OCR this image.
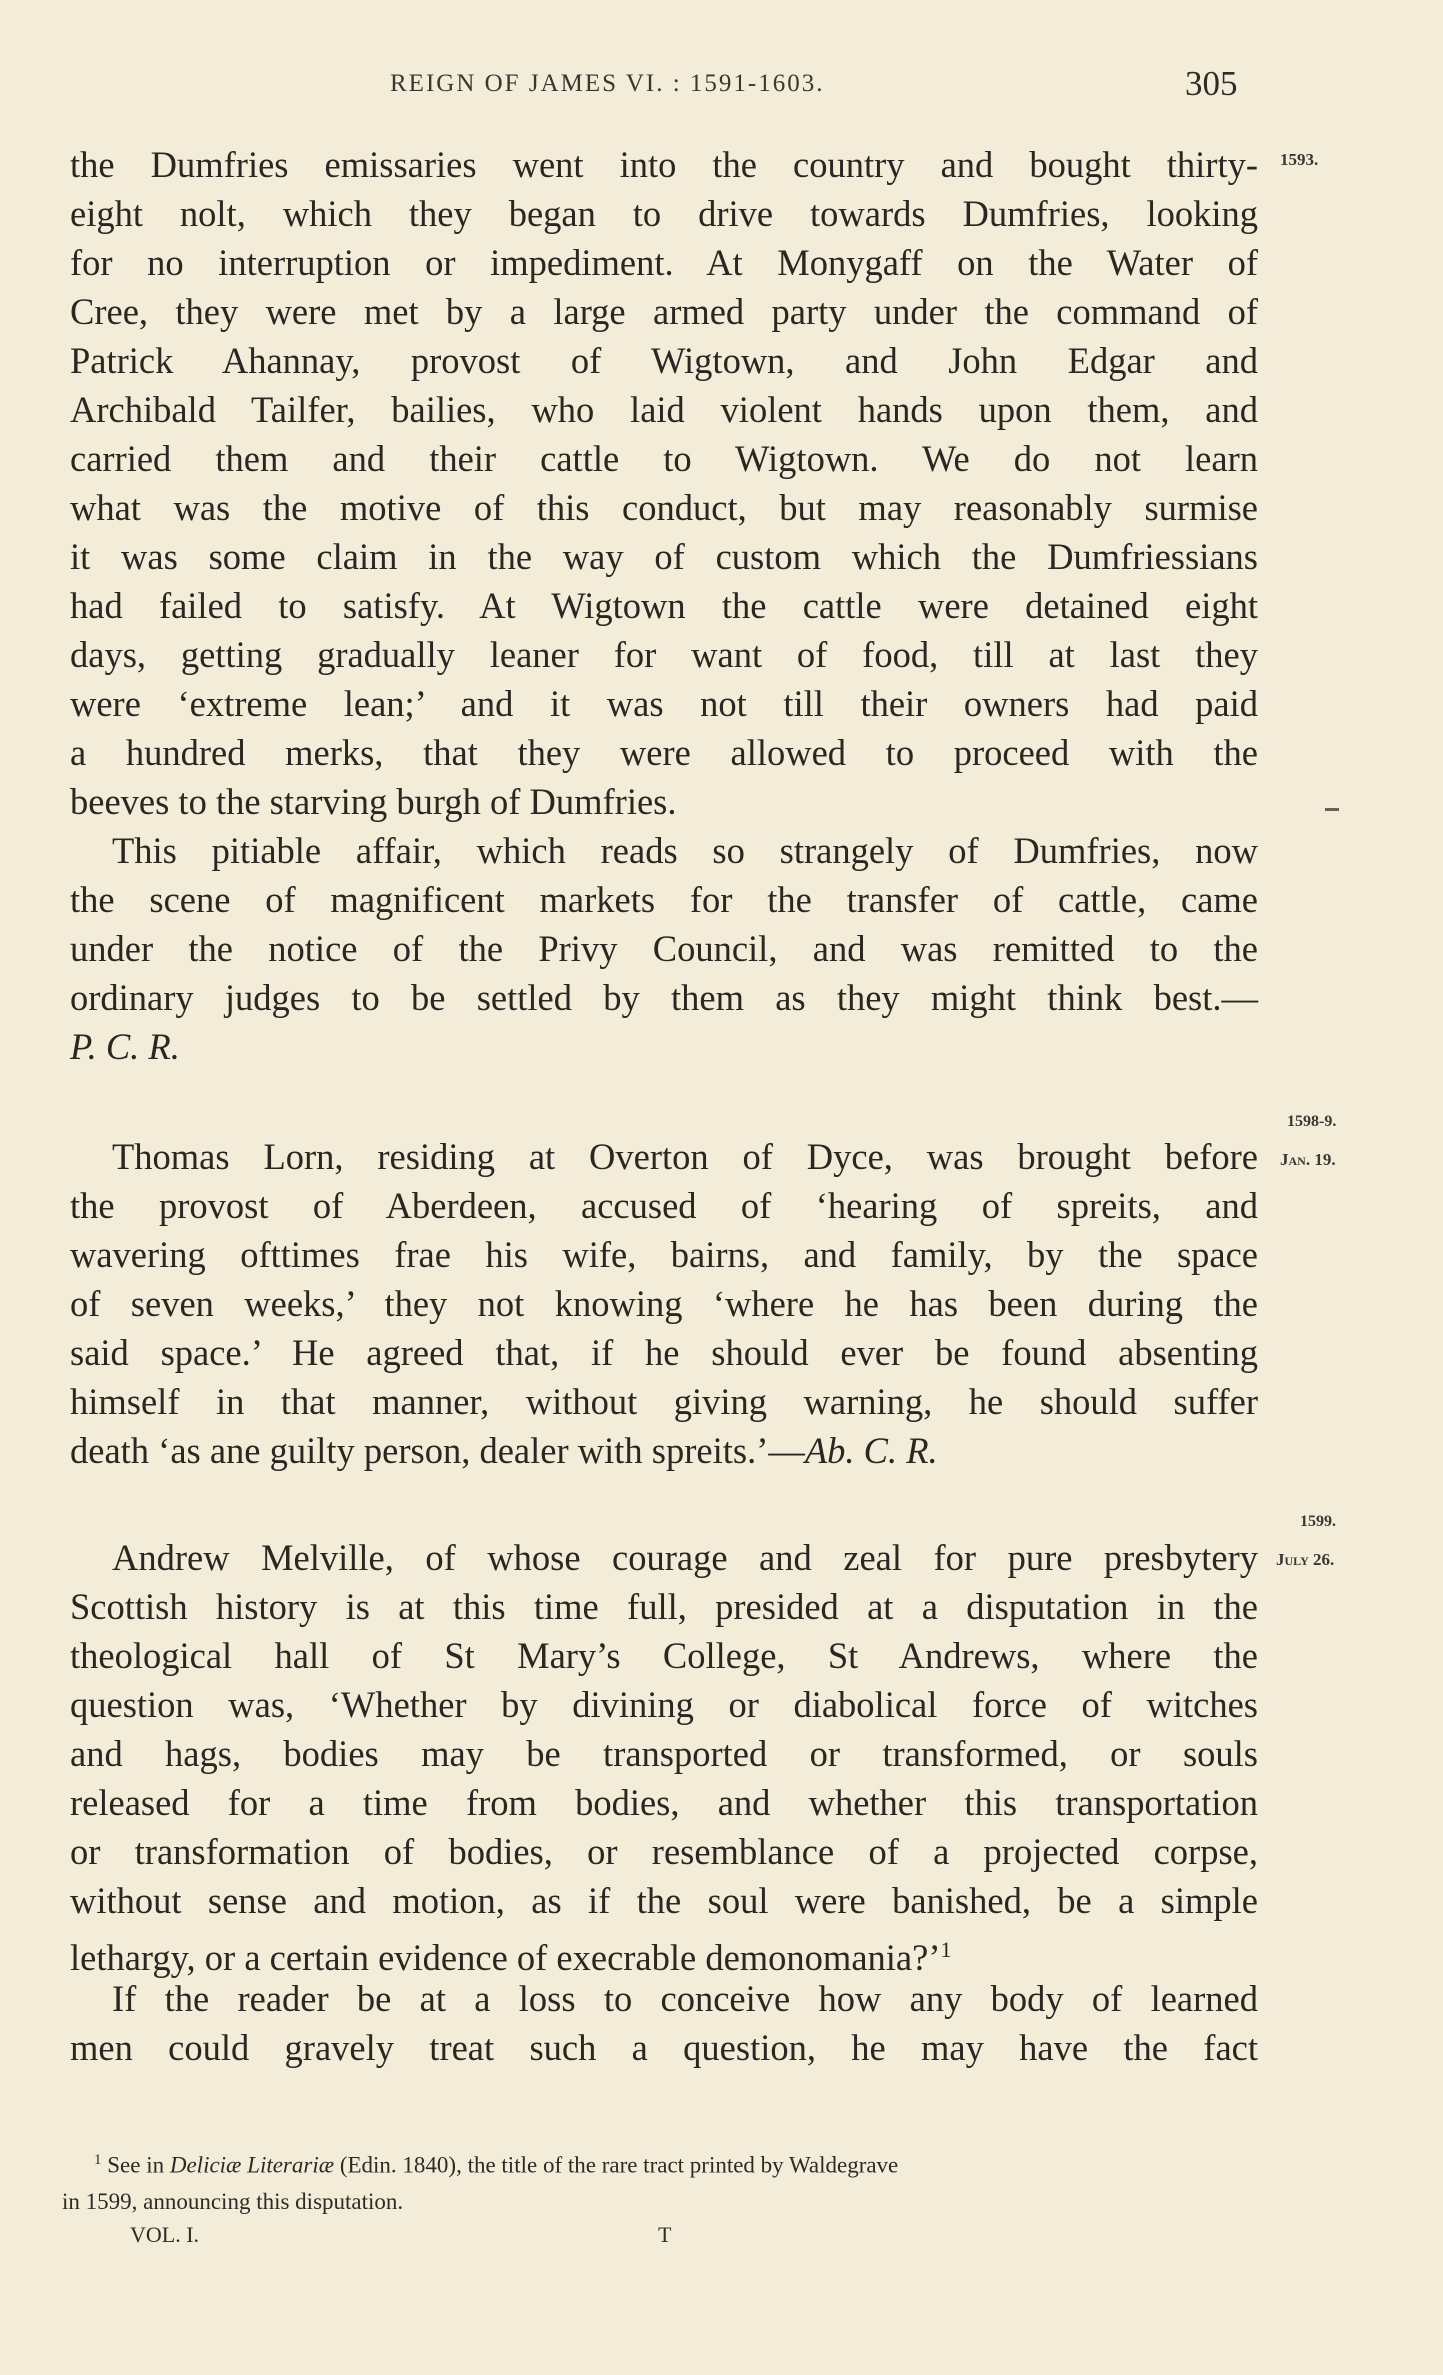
REIGN OF JAMES VI. : 1591-1603.	305
the Dumfries emissaries went into the country and bought thirty-
eight nolt, which they began to drive towards Dumfries, looking
for no interruption or impediment. At Monygaff on the Water of
Cree, they were met by a large armed party under the command of
Patrick Ahannay, provost of Wigtown, and John Edgar and
Archibald Tailfer, bailies, who laid violent hands upon them, and
carried them and their cattle to Wigtown. We do not learn
what was the motive of this conduct, but may reasonably surmise
it was some claim in the way of custom which the Dumfriessians
had failed to satisfy. At Wigtown the cattle were detained eight
days, getting gradually leaner for want of food, till at last they
were ‘extreme lean;’ and it was not till their owners had paid
a hundred merks, that they were allowed to proceed with the
beeves to the starving burgh of Dumfries.
This pitiable affair, which reads so strangely of Dumfries, now
the scene of magnificent markets for the transfer of cattle, came
under the notice of the Privy Council, and was remitted to the
ordinary judges to be settled by them as they might think best.—
P. C. R.
Thomas Lorn, residing at Overton of Dyce, was brought before
the provost of Aberdeen, accused of ‘hearing of spreits, and
wavering ofttimes frae his wife, bairns, and family, by the space
of seven weeks,’ they not knowing ‘where he has been during the
said space.’ He agreed that, if he should ever be found absenting
himself in that manner, without giving warning, he should suffer
death ‘as ane guilty person, dealer with spreits.’—Ab. C. R.
Andrew Melville, of whose courage and zeal for pure presbytery
Scottish history is at this time full, presided at a disputation in the
theological hall of St Mary’s College, St Andrews, where the
question was, ‘Whether by divining or diabolical force of witches
and hags, bodies may be transported or transformed, or souls
released for a time from bodies, and whether this transportation
or transformation of bodies, or resemblance of a projected corpse,
without sense and motion, as if the soul were banished, be a simple
lethargy, or a certain evidence of execrable demonomania?’$^1$
If the reader be at a loss to conceive how any body of learned
men could gravely treat such a question, he may have the fact
1593.
1598-9.
Jan. 19.
1599.
July 26.
$^1$ See in Deliciæ Literariæ (Edin. 1840), the title of the rare tract printed by Waldegrave
in 1599, announcing this disputation.
VOL. I.	T
